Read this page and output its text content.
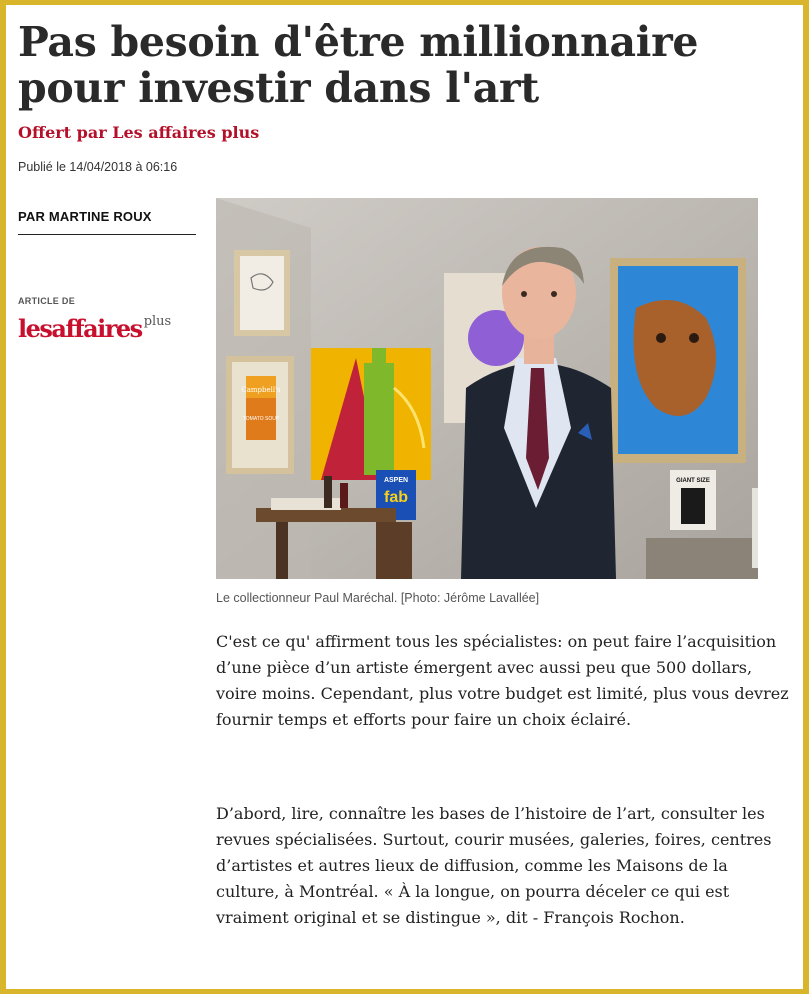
Pas besoin d'être millionnaire pour investir dans l'art
Offert par Les affaires plus
Publié le 14/04/2018 à 06:16
PAR MARTINE ROUX
ARTICLE DE
lesaffaires $^{plus}$
Campbell's
TOMATO SOUP
ASPEN
fab
GIANT SIZE
Le collectionneur Paul Maréchal. [Photo: Jérôme Lavallée]

C'est ce qu' affirment tous les spécialistes: on peut faire l’acquisition d’une pièce d’un artiste émergent avec aussi peu que 500 dollars, voire moins. Cependant, plus votre budget est limité, plus vous devrez fournir temps et efforts pour faire un choix éclairé.

D’abord, lire, connaître les bases de l’histoire de l’art, consulter les revues spécialisées. Surtout, courir musées, galeries, foires, centres d’artistes et autres lieux de diffusion, comme les Maisons de la culture, à Montréal. « À la longue, on pourra déceler ce qui est vraiment original et se distingue », dit - François Rochon.
